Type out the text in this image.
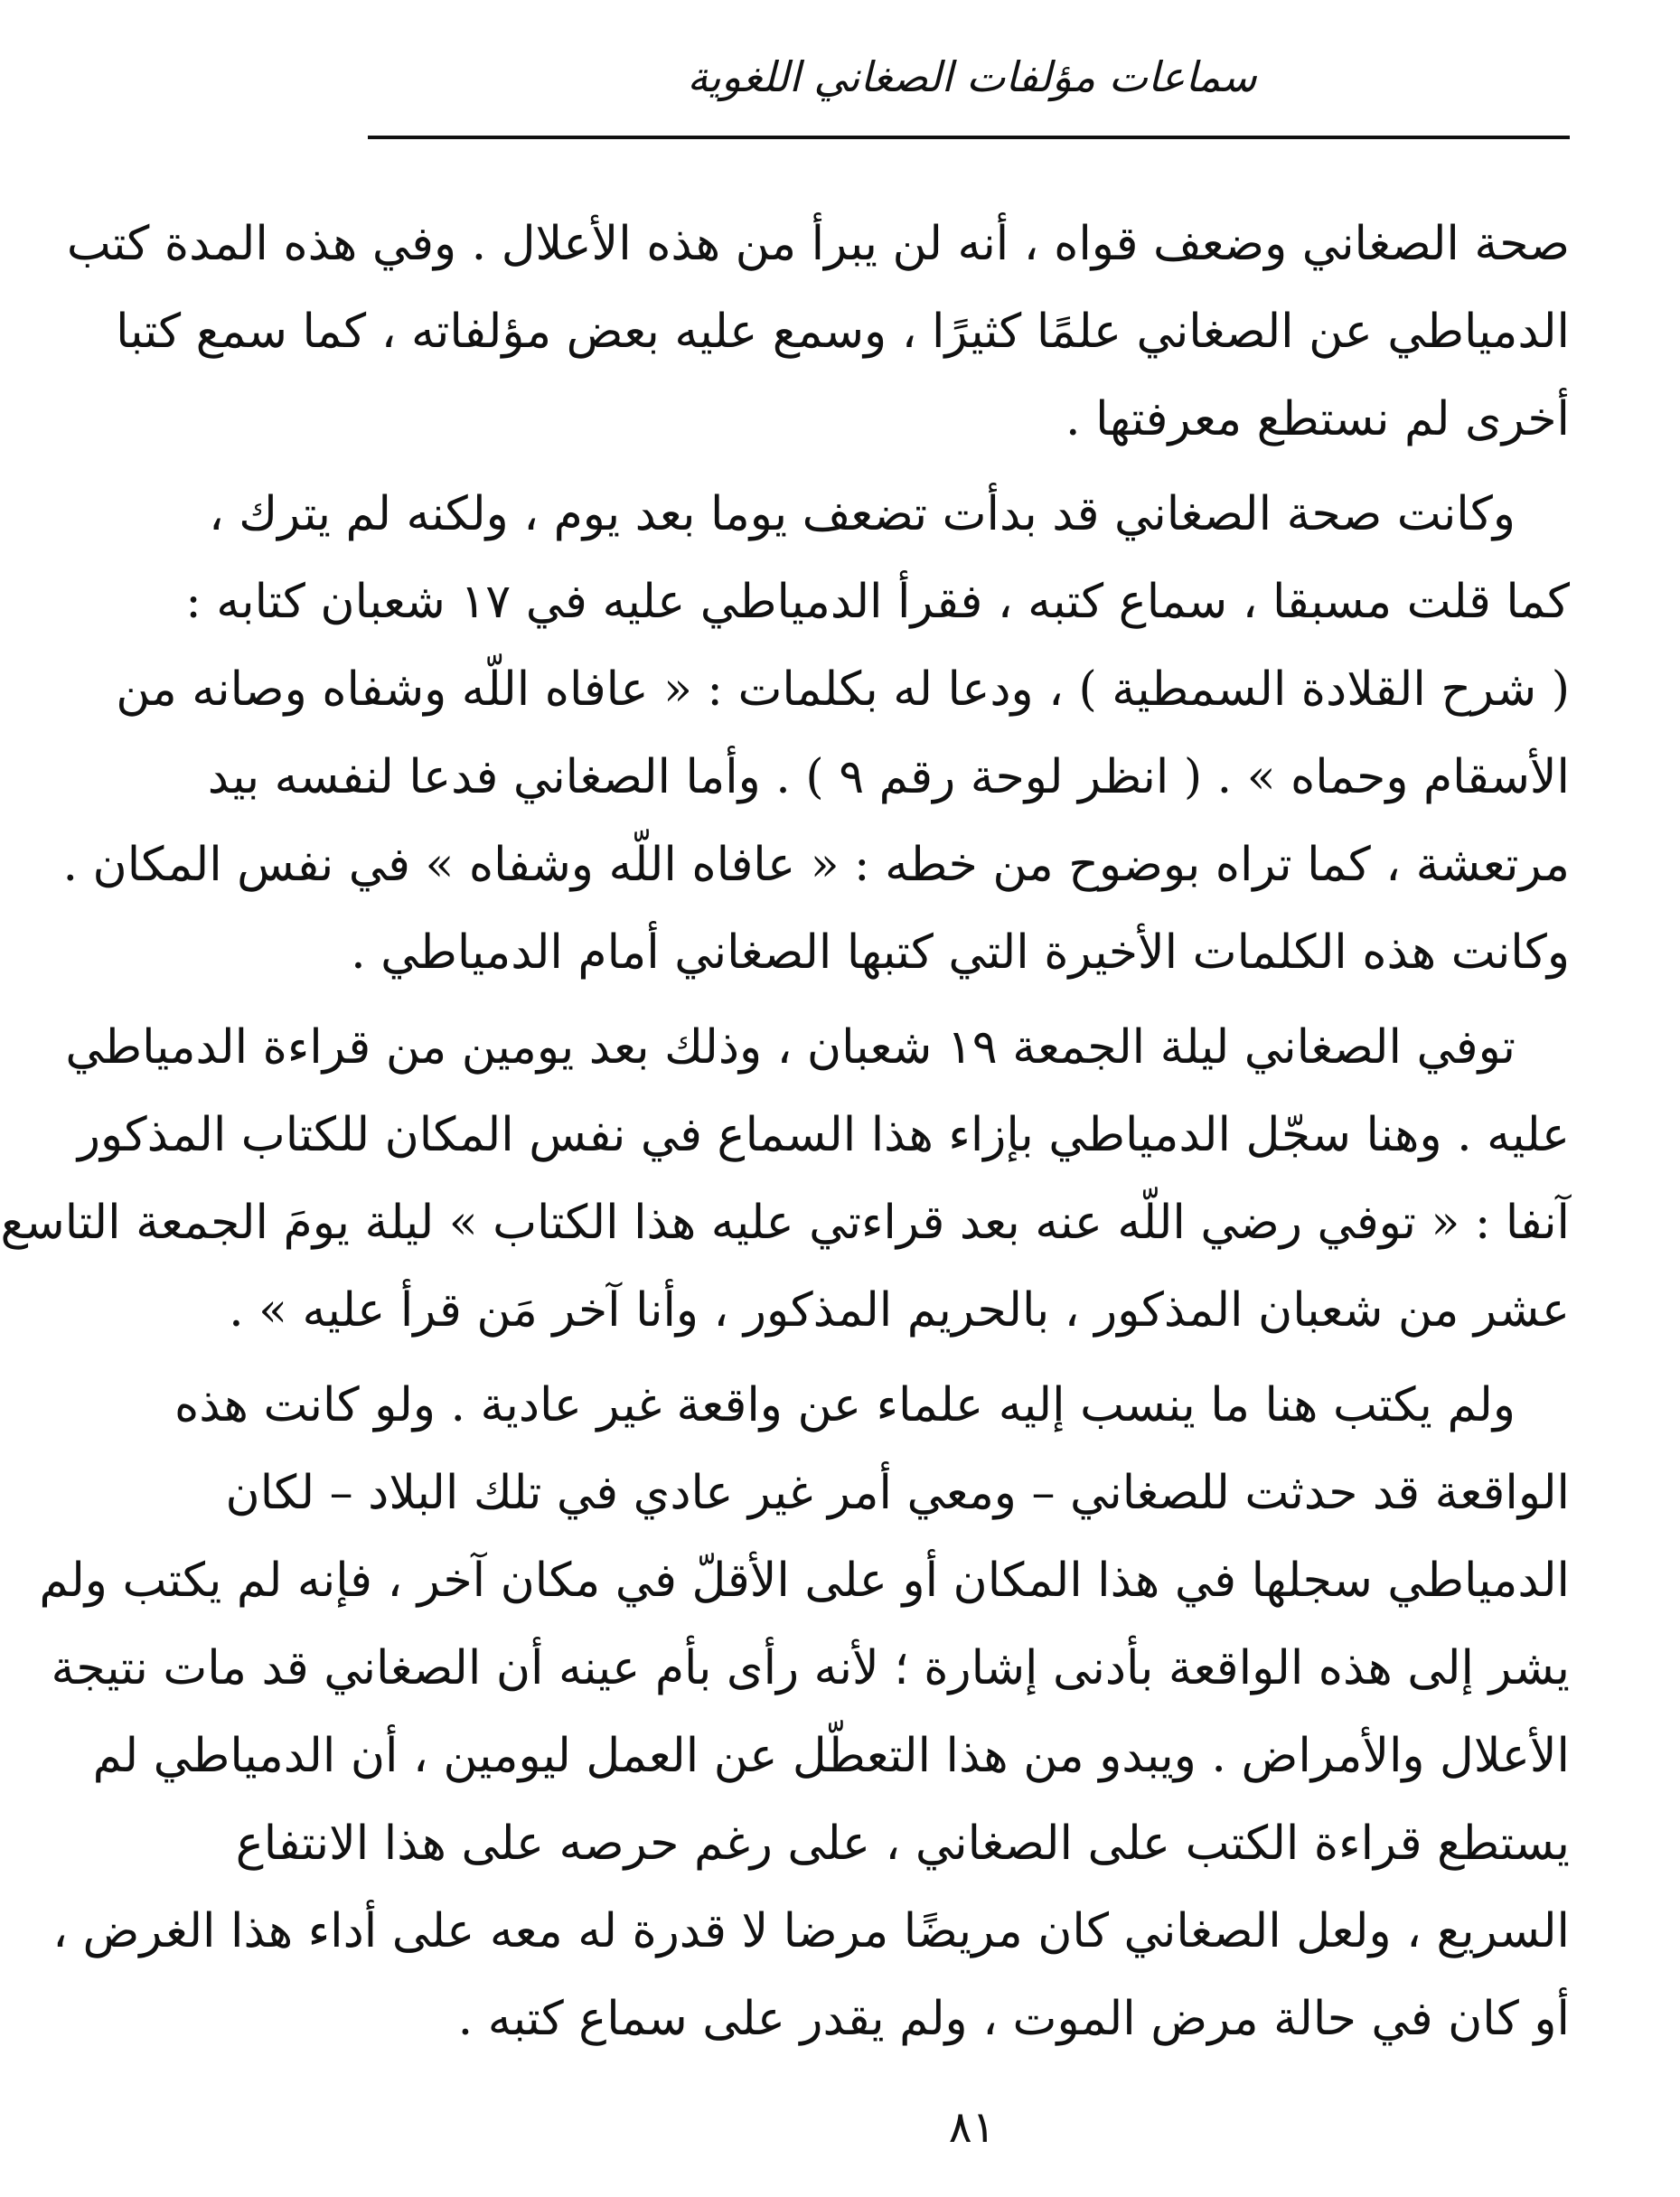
سماعات مؤلفات الصغاني اللغوية
صحة الصغاني وضعف قواه ، أنه لن يبرأ من هذه الأعلال . وفي هذه المدة كتب
الدمياطي عن الصغاني علمًا كثيرًا ، وسمع عليه بعض مؤلفاته ، كما سمع كتبا
أخرى لم نستطع معرفتها .
وكانت صحة الصغاني قد بدأت تضعف يوما بعد يوم ، ولكنه لم يترك ،
كما قلت مسبقا ، سماع كتبه ، فقرأ الدمياطي عليه في ١٧ شعبان كتابه :
( شرح القلادة السمطية ) ، ودعا له بكلمات : « عافاه اللّه وشفاه وصانه من
الأسقام وحماه » . ( انظر لوحة رقم ٩ ) . وأما الصغاني فدعا لنفسه بيد
مرتعشة ، كما تراه بوضوح من خطه : « عافاه اللّه وشفاه » في نفس المكان .
وكانت هذه الكلمات الأخيرة التي كتبها الصغاني أمام الدمياطي .
توفي الصغاني ليلة الجمعة ١٩ شعبان ، وذلك بعد يومين من قراءة الدمياطي
عليه . وهنا سجّل الدمياطي بإزاء هذا السماع في نفس المكان للكتاب المذكور
آنفا : « توفي رضي اللّه عنه بعد قراءتي عليه هذا الكتاب » ليلة يومَ الجمعة التاسع
عشر من شعبان المذكور ، بالحريم المذكور ، وأنا آخر مَن قرأ عليه » .
ولم يكتب هنا ما ينسب إليه علماء عن واقعة غير عادية . ولو كانت هذه
الواقعة قد حدثت للصغاني – ومعي أمر غير عادي في تلك البلاد – لكان
الدمياطي سجلها في هذا المكان أو على الأقلّ في مكان آخر ، فإنه لم يكتب ولم
يشر إلى هذه الواقعة بأدنى إشارة ؛ لأنه رأى بأم عينه أن الصغاني قد مات نتيجة
الأعلال والأمراض . ويبدو من هذا التعطّل عن العمل ليومين ، أن الدمياطي لم
يستطع قراءة الكتب على الصغاني ، على رغم حرصه على هذا الانتفاع
السريع ، ولعل الصغاني كان مريضًا مرضا لا قدرة له معه على أداء هذا الغرض ،
أو كان في حالة مرض الموت ، ولم يقدر على سماع كتبه .
٨١
